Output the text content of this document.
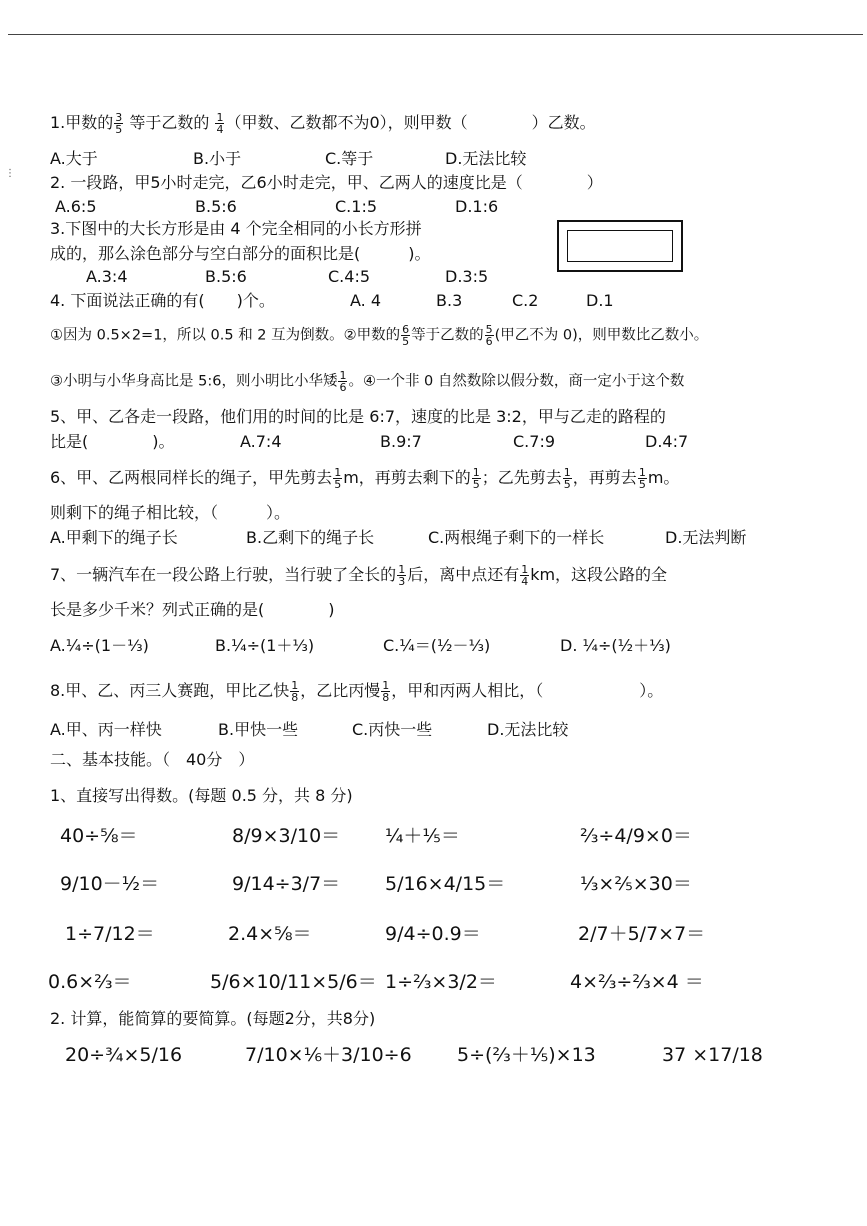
⋮
1.甲数的 $\frac{3}{5}$ 等于乙数的 $\frac{1}{4}$ （甲数、乙数都不为0），则甲数（　　　　）乙数。
A.大于	B.小于	C.等于	D.无法比较
2. 一段路，甲5小时走完，乙6小时走完，甲、乙两人的速度比是（　　　　）
A.6:5	B.5:6	C.1:5	D.1:6
3.下图中的大长方形是由 4 个完全相同的小长方形拼
成的，那么涂色部分与空白部分的面积比是(　　　)。
A.3:4	B.5:6	C.4:5	D.3:5
4. 下面说法正确的有(　　)个。	A. 4	B.3	C.2	D.1
①因为 0.5×2=1，所以 0.5 和 2 互为倒数。②甲数的 $\frac{6}{5}$ 等于乙数的 $\frac{5}{6}$ (甲乙不为 0)，则甲数比乙数小。
③小明与小华身高比是 5:6，则小明比小华矮 $\frac{1}{6}$ 。④一个非 0 自然数除以假分数，商一定小于这个数
5、甲、乙各走一段路，他们用的时间的比是 6:7，速度的比是 3:2，甲与乙走的路程的
比是(　　　　)。	A.7:4	B.9:7	C.7:9	D.4:7
6、甲、乙两根同样长的绳子，甲先剪去 $\frac{1}{5}$ m，再剪去剩下的 $\frac{1}{5}$ ；乙先剪去 $\frac{1}{5}$ ，再剪去 $\frac{1}{5}$ m。
则剩下的绳子相比较，（　　　）。
A.甲剩下的绳子长	B.乙剩下的绳子长	C.两根绳子剩下的一样长	D.无法判断
7、一辆汽车在一段公路上行驶，当行驶了全长的 $\frac{1}{3}$ 后，离中点还有 $\frac{1}{4}$ km，这段公路的全
长是多少千米？列式正确的是(　　　　)
A.¼÷(1－⅓)	B.¼÷(1＋⅓)	C.¼＝(½－⅓)	D. ¼÷(½＋⅓)
8.甲、乙、丙三人赛跑，甲比乙快 $\frac{1}{8}$ ，乙比丙慢 $\frac{1}{8}$ ，甲和丙两人相比，（　　　　　　）。
A.甲、丙一样快	B.甲快一些	C.丙快一些	D.无法比较
二、基本技能。（　40分　）
1、直接写出得数。(每题 0.5 分，共 8 分)
40÷⅝＝	8/9×3/10＝ ¼＋⅕＝	⅔÷4/9×0＝
9/10－½＝	9/14÷3/7＝ 5/16×4/15＝	⅓×⅖×30＝
1÷7/12＝	2.4×⅝＝	9/4÷0.9＝	2/7＋5/7×7＝
0.6×⅔＝	5/6×10/11×5/6＝ 1÷⅔×3/2＝	4×⅔÷⅔×4 ＝
2. 计算，能简算的要简算。(每题2分，共8分)
20÷¾×5/16	7/10×⅙＋3/10÷6 5÷(⅔＋⅕)×13	37 ×17/18
